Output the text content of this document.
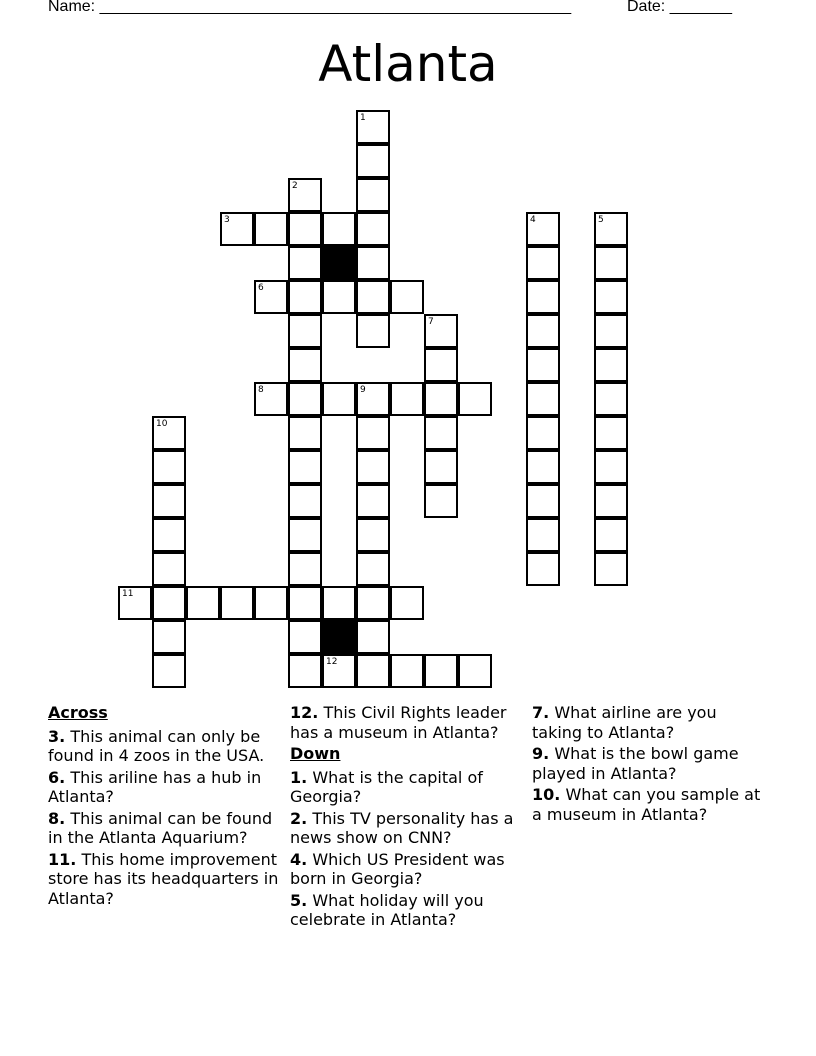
Name: _____________________________________________________	Date: _______
Atlanta
1
2
3	4	5
6
7
8	9
10
11
12
Across
3. This animal can only be found in 4 zoos in the USA.
6. This ariline has a hub in Atlanta?
8. This animal can be found in the Atlanta Aquarium?
11. This home improvement store has its headquarters in Atlanta?
12. This Civil Rights leader has a museum in Atlanta?
Down
1. What is the capital of Georgia?
2. This TV personality has a news show on CNN?
4. Which US President was born in Georgia?
5. What holiday will you celebrate in Atlanta?
7. What airline are you taking to Atlanta?
9. What is the bowl game played in Atlanta?
10. What can you sample at a museum in Atlanta?
